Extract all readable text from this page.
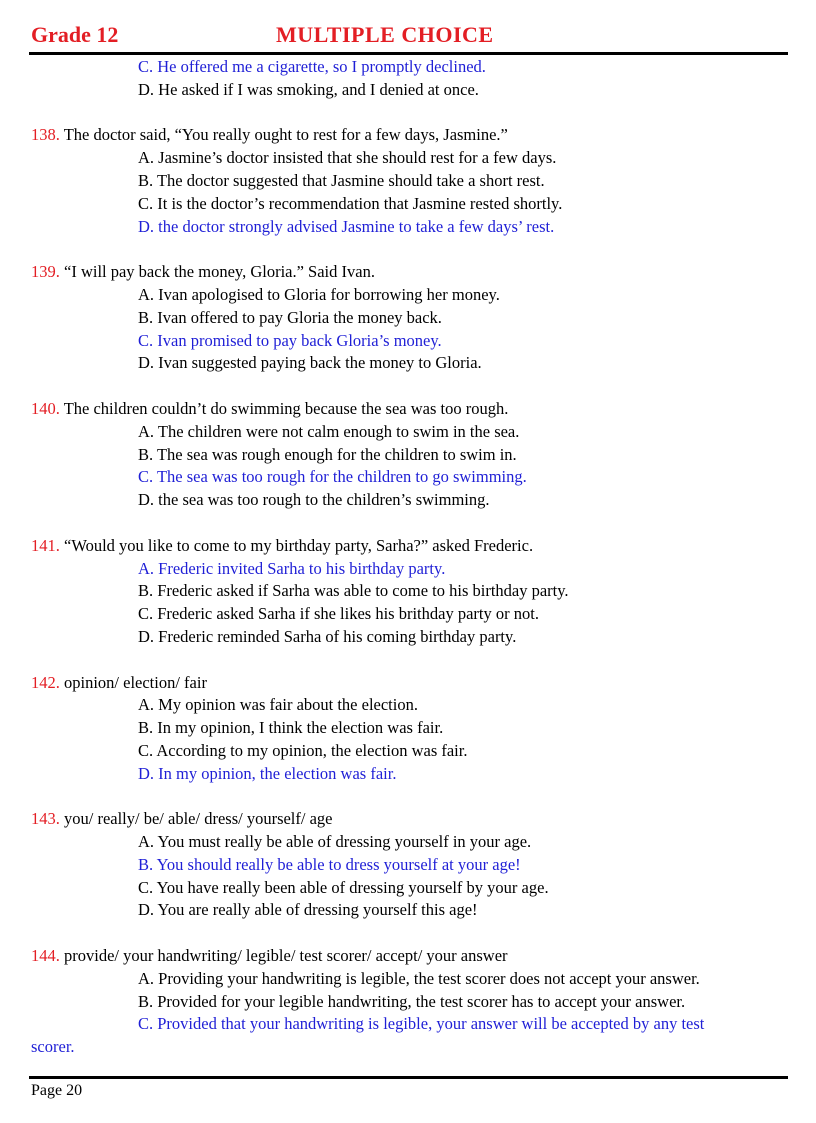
Grade 12	MULTIPLE CHOICE
C. He offered me a cigarette, so I promptly declined.
D. He asked if I was smoking, and I denied at once.
138. The doctor said, “You really ought to rest for a few days, Jasmine.”
A. Jasmine’s doctor insisted that she should rest for a few days.
B. The doctor suggested that Jasmine should take a short rest.
C. It is the doctor’s recommendation that Jasmine rested shortly.
D. the doctor strongly advised Jasmine to take a few days’ rest.
139. “I will pay back the money, Gloria.” Said Ivan.
A. Ivan apologised to Gloria for borrowing her money.
B. Ivan offered to pay Gloria the money back.
C. Ivan promised to pay back Gloria’s money.
D. Ivan suggested paying back the money to Gloria.
140. The children couldn’t do swimming because the sea was too rough.
A. The children were not calm enough to swim in the sea.
B. The sea was rough enough for the children to swim in.
C. The sea was too rough for the children to go swimming.
D. the sea was too rough to the children’s swimming.
141. “Would you like to come to my birthday party, Sarha?” asked Frederic.
A. Frederic invited Sarha to his birthday party.
B. Frederic asked if Sarha was able to come to his birthday party.
C. Frederic asked Sarha if she likes his brithday party or not.
D. Frederic reminded Sarha of his coming birthday party.
142. opinion/ election/ fair
A. My opinion was fair about the election.
B. In my opinion, I think the election was fair.
C. According to my opinion, the election was fair.
D. In my opinion, the election was fair.
143. you/ really/ be/ able/ dress/ yourself/ age
A. You must really be able of dressing yourself in your age.
B. You should really be able to dress yourself at your age!
C. You have really been able of dressing yourself by your age.
D. You are really able of dressing yourself this age!
144. provide/ your handwriting/ legible/ test scorer/ accept/ your answer
A. Providing your handwriting is legible, the test scorer does not accept your answer.
B. Provided for your legible handwriting, the test scorer has to accept your answer.
C. Provided that your handwriting is legible, your answer will be accepted by any test
scorer.
Page 20
